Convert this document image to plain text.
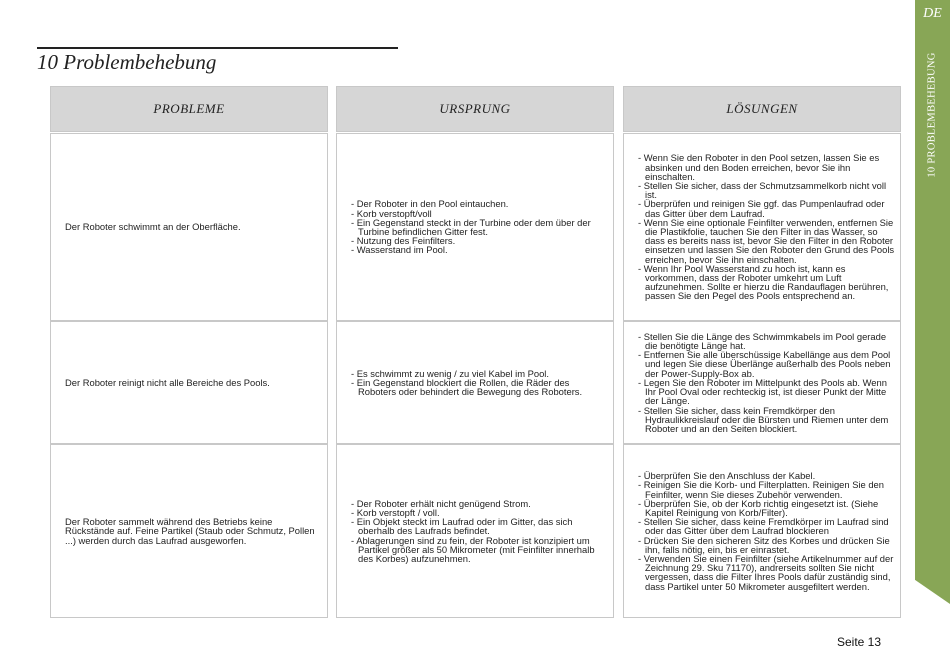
10 Problembehebung
PROBLEME

Der Roboter schwimmt an der Oberfläche.

Der Roboter reinigt nicht alle Bereiche des Pools.

Der Roboter sammelt während des Betriebs keine Rückstände auf. Feine Partikel (Staub oder Schmutz, Pollen ...) werden durch das Laufrad ausgeworfen.

URSPRUNG
- Der Roboter in den Pool eintauchen.
- Korb verstopft/voll
- Ein Gegenstand steckt in der Turbine oder dem über der Turbine befindlichen Gitter fest.
- Nutzung des Feinfilters.
- Wasserstand im Pool.
- Es schwimmt zu wenig / zu viel Kabel im Pool.
- Ein Gegenstand blockiert die Rollen, die Räder des Roboters oder behindert die Bewegung des Roboters.
- Der Roboter erhält nicht genügend Strom.
- Korb verstopft / voll.
- Ein Objekt steckt im Laufrad oder im Gitter, das sich oberhalb des Laufrads befindet.
- Ablagerungen sind zu fein, der Roboter ist konzipiert um Partikel größer als 50 Mikrometer (mit Feinfilter innerhalb des Korbes) aufzunehmen.
LÖSUNGEN
- Wenn Sie den Roboter in den Pool setzen, lassen Sie es absinken und den Boden erreichen, bevor Sie ihn einschalten.
- Stellen Sie sicher, dass der Schmutzsammelkorb nicht voll ist.
- Überprüfen und reinigen Sie ggf. das Pumpenlaufrad oder das Gitter über dem Laufrad.
- Wenn Sie eine optionale Feinfilter verwenden, entfernen Sie die Plastikfolie, tauchen Sie den Filter in das Wasser, so dass es bereits nass ist, bevor Sie den Filter in den Roboter einsetzen und lassen Sie den Roboter den Grund des Pools erreichen, bevor Sie ihn einschalten.
- Wenn Ihr Pool Wasserstand zu hoch ist, kann es vorkommen, dass der Roboter umkehrt um Luft aufzunehmen. Sollte er hierzu die Randauflagen berühren, passen Sie den Pegel des Pools entsprechend an.
- Stellen Sie die Länge des Schwimmkabels im Pool gerade die benötigte Länge hat.
- Entfernen Sie alle überschüssige Kabellänge aus dem Pool und legen Sie diese Überlänge außerhalb des Pools neben der Power-Supply-Box ab.
- Legen Sie den Roboter im Mittelpunkt des Pools ab. Wenn Ihr Pool Oval oder rechteckig ist, ist dieser Punkt der Mitte der Länge.
- Stellen Sie sicher, dass kein Fremdkörper den Hydraulikkreislauf oder die Bürsten und Riemen unter dem Roboter und an den Seiten blockiert.
- Überprüfen Sie den Anschluss der Kabel.
- Reinigen Sie die Korb- und Filterplatten. Reinigen Sie den Feinfilter, wenn Sie dieses Zubehör verwenden.
- Überprüfen Sie, ob der Korb richtig eingesetzt ist. (Siehe Kapitel Reinigung von Korb/Filter).
- Stellen Sie sicher, dass keine Fremdkörper im Laufrad sind oder das Gitter über dem Laufrad blockieren
- Drücken Sie den sicheren Sitz des Korbes und drücken Sie ihn, falls nötig, ein, bis er einrastet.
- Verwenden Sie einen Feinfilter (siehe Artikelnummer auf der Zeichnung 29. Sku 71170), andrerseits sollten Sie nicht vergessen, dass die Filter Ihres Pools dafür zuständig sind, dass Partikel unter 50 Mikrometer ausgefiltert werden.
DE
10 PROBLEMBEHEBUNG
Seite 13
